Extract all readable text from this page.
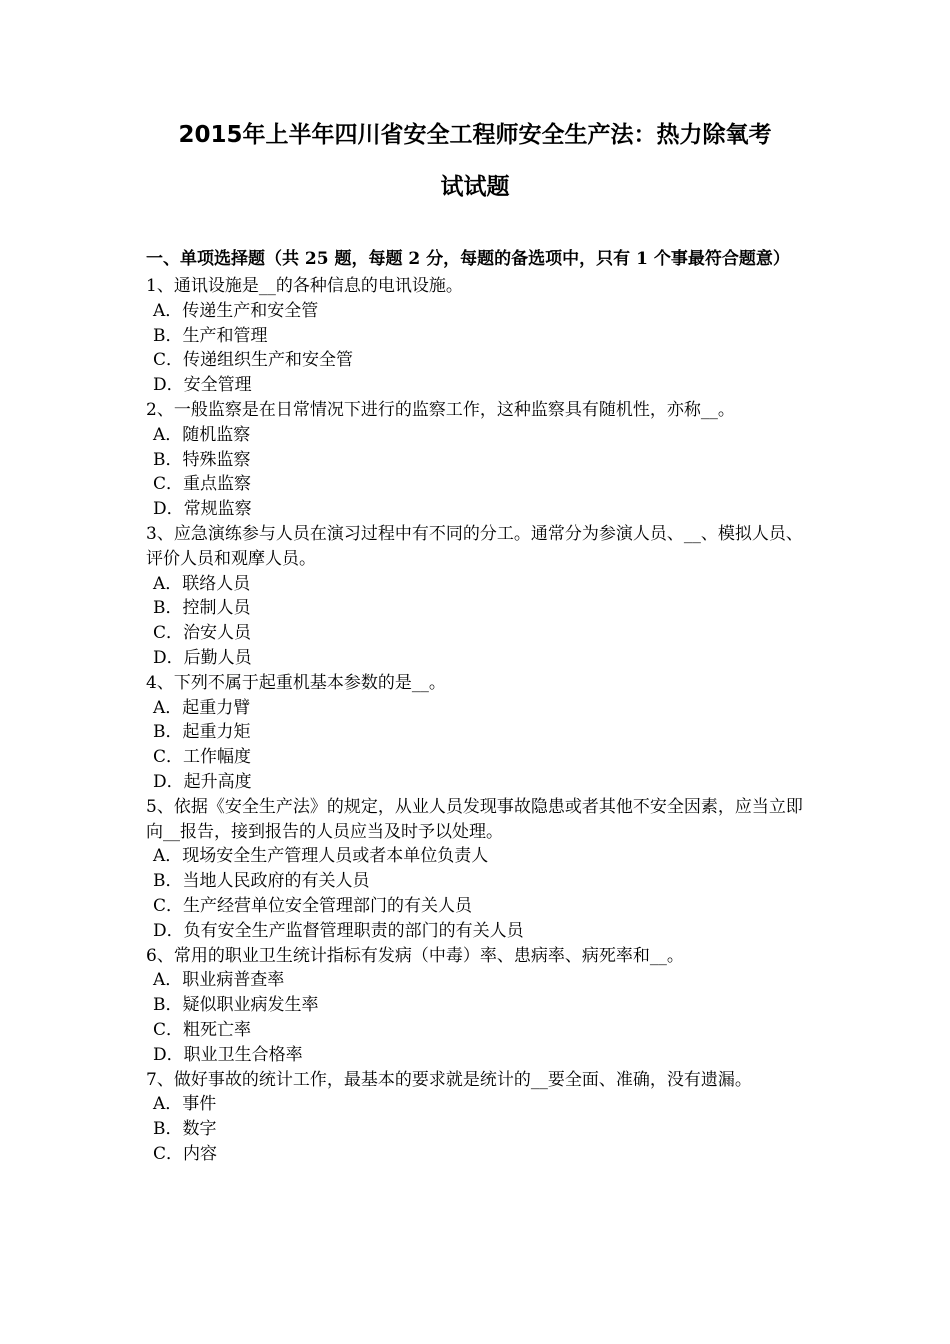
2015年上半年四川省安全工程师安全生产法：热力除氧考
试试题

一、单项选择题（共 25 题，每题 2 分，每题的备选项中，只有 1 个事最符合题意）

1、通讯设施是__的各种信息的电讯设施。

A．传递生产和安全管

B．生产和管理

C．传递组织生产和安全管

D．安全管理

2、一般监察是在日常情况下进行的监察工作，这种监察具有随机性，亦称__。

A．随机监察

B．特殊监察

C．重点监察

D．常规监察

3、应急演练参与人员在演习过程中有不同的分工。通常分为参演人员、__、模拟人员、评价人员和观摩人员。

A．联络人员

B．控制人员

C．治安人员

D．后勤人员

4、下列不属于起重机基本参数的是__。

A．起重力臂

B．起重力矩

C．工作幅度

D．起升高度

5、依据《安全生产法》的规定，从业人员发现事故隐患或者其他不安全因素，应当立即向__报告，接到报告的人员应当及时予以处理。

A．现场安全生产管理人员或者本单位负责人

B．当地人民政府的有关人员

C．生产经营单位安全管理部门的有关人员

D．负有安全生产监督管理职责的部门的有关人员

6、常用的职业卫生统计指标有发病（中毒）率、患病率、病死率和__。

A．职业病普查率

B．疑似职业病发生率

C．粗死亡率

D．职业卫生合格率

7、做好事故的统计工作，最基本的要求就是统计的__要全面、准确，没有遗漏。

A．事件

B．数字

C．内容
